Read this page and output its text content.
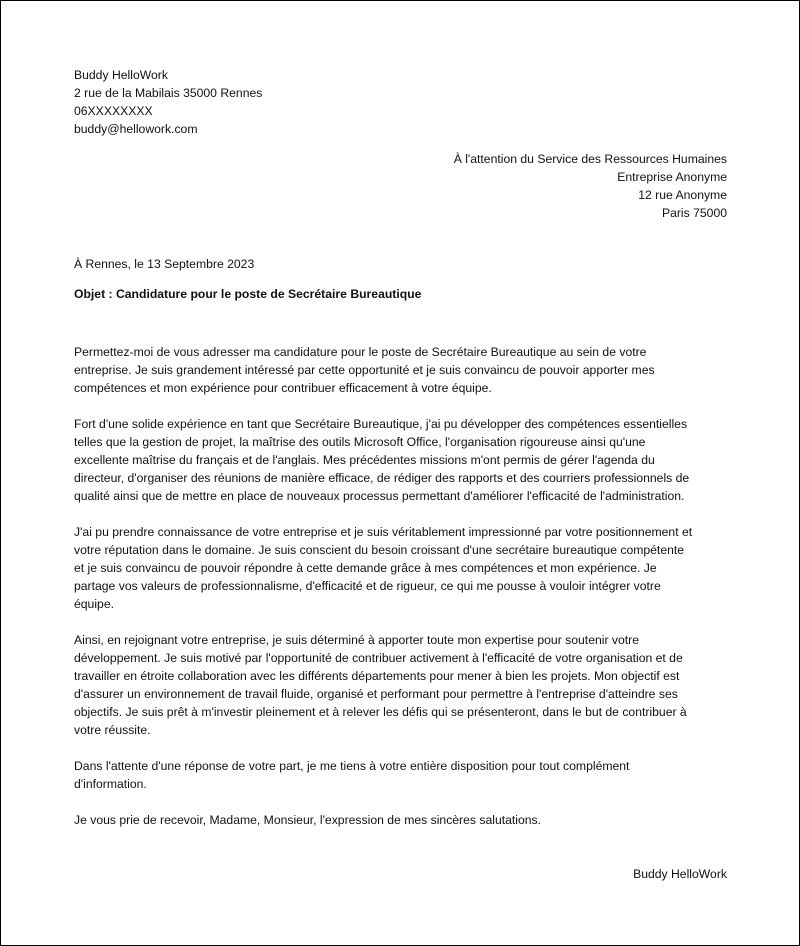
Buddy HelloWork
2 rue de la Mabilais 35000 Rennes
06XXXXXXXX
buddy@hellowork.com
À l'attention du Service des Ressources Humaines
Entreprise Anonyme
12 rue Anonyme
Paris 75000
À Rennes, le 13 Septembre 2023
Objet : Candidature pour le poste de Secrétaire Bureautique

Permettez-moi de vous adresser ma candidature pour le poste de Secrétaire Bureautique au sein de votre
entreprise. Je suis grandement intéressé par cette opportunité et je suis convaincu de pouvoir apporter mes
compétences et mon expérience pour contribuer efficacement à votre équipe.

Fort d'une solide expérience en tant que Secrétaire Bureautique, j'ai pu développer des compétences essentielles
telles que la gestion de projet, la maîtrise des outils Microsoft Office, l'organisation rigoureuse ainsi qu'une
excellente maîtrise du français et de l'anglais. Mes précédentes missions m'ont permis de gérer l'agenda du
directeur, d'organiser des réunions de manière efficace, de rédiger des rapports et des courriers professionnels de
qualité ainsi que de mettre en place de nouveaux processus permettant d'améliorer l'efficacité de l'administration.

J'ai pu prendre connaissance de votre entreprise et je suis véritablement impressionné par votre positionnement et
votre réputation dans le domaine. Je suis conscient du besoin croissant d'une secrétaire bureautique compétente
et je suis convaincu de pouvoir répondre à cette demande grâce à mes compétences et mon expérience. Je
partage vos valeurs de professionnalisme, d'efficacité et de rigueur, ce qui me pousse à vouloir intégrer votre
équipe.

Ainsi, en rejoignant votre entreprise, je suis déterminé à apporter toute mon expertise pour soutenir votre
développement. Je suis motivé par l'opportunité de contribuer activement à l'efficacité de votre organisation et de
travailler en étroite collaboration avec les différents départements pour mener à bien les projets. Mon objectif est
d'assurer un environnement de travail fluide, organisé et performant pour permettre à l'entreprise d'atteindre ses
objectifs. Je suis prêt à m'investir pleinement et à relever les défis qui se présenteront, dans le but de contribuer à
votre réussite.

Dans l'attente d'une réponse de votre part, je me tiens à votre entière disposition pour tout complément
d'information.

Je vous prie de recevoir, Madame, Monsieur, l'expression de mes sincères salutations.

Buddy HelloWork
